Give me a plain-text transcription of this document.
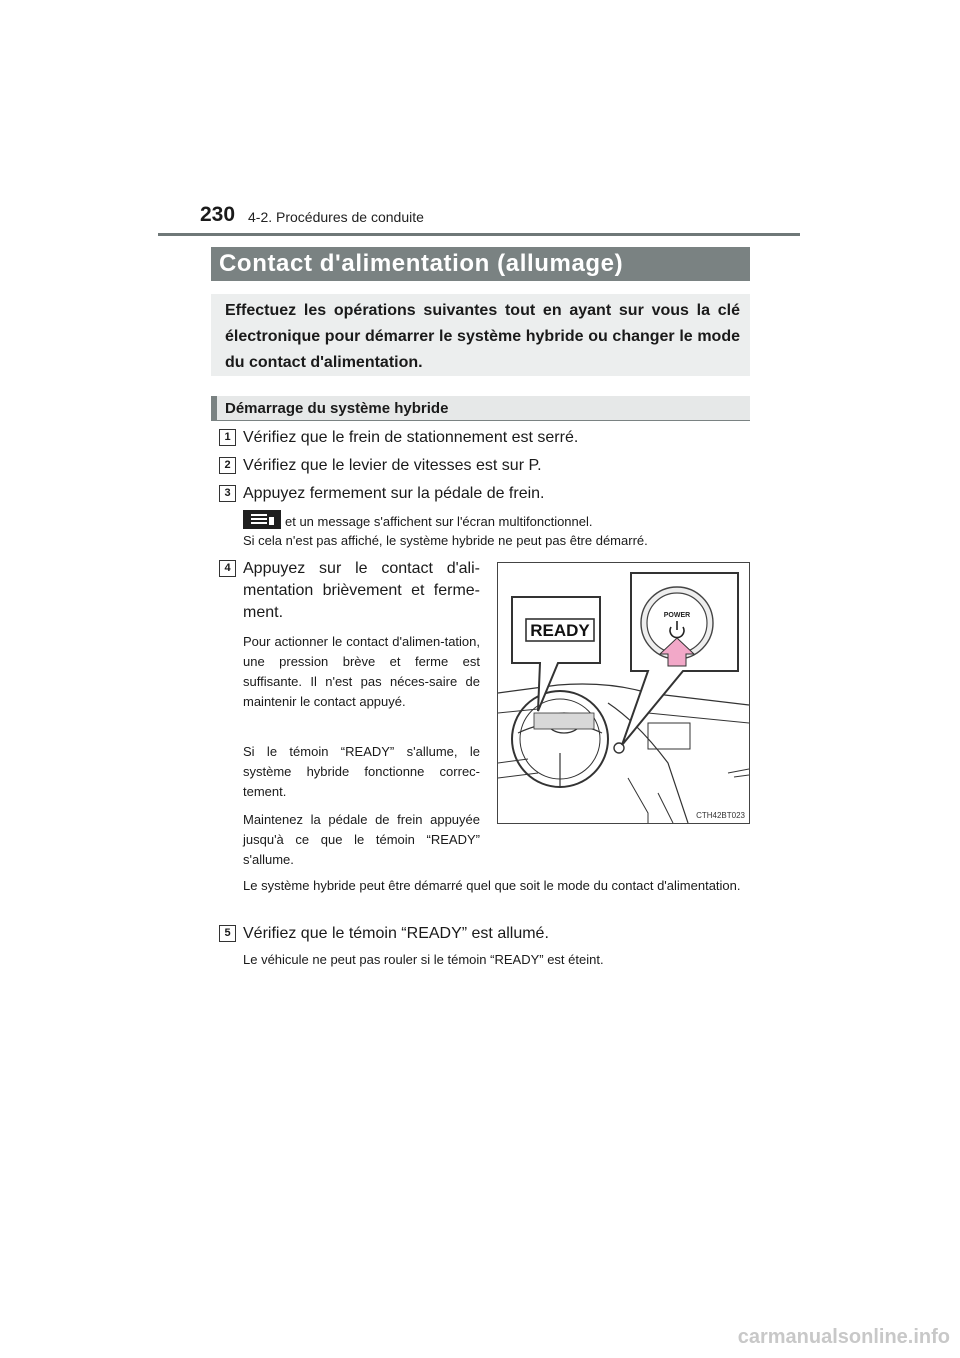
230 4-2. Procédures de conduite
Contact d'alimentation (allumage)
Effectuez les opérations suivantes tout en ayant sur vous la clé électronique pour démarrer le système hybride ou changer le mode du contact d'alimentation.
Démarrage du système hybride
1 Vérifiez que le frein de stationnement est serré.
2 Vérifiez que le levier de vitesses est sur P.
3 Appuyez fermement sur la pédale de frein.
et un message s'affichent sur l'écran multifonctionnel.
Si cela n'est pas affiché, le système hybride ne peut pas être démarré.
4 Appuyez sur le contact d'ali-mentation brièvement et ferme-ment.
Pour actionner le contact d'alimen-tation, une pression brève et ferme est suffisante. Il n'est pas néces-saire de maintenir le contact appuyé.
Si le témoin “READY” s'allume, le système hybride fonctionne correc-tement.
Maintenez la pédale de frein appuyée jusqu'à ce que le témoin “READY” s'allume.
Le système hybride peut être démarré quel que soit le mode du contact d'alimentation.
READY
POWER
CTH42BT023
5 Vérifiez que le témoin “READY” est allumé.
Le véhicule ne peut pas rouler si le témoin “READY” est éteint.
carmanualsonline.info
